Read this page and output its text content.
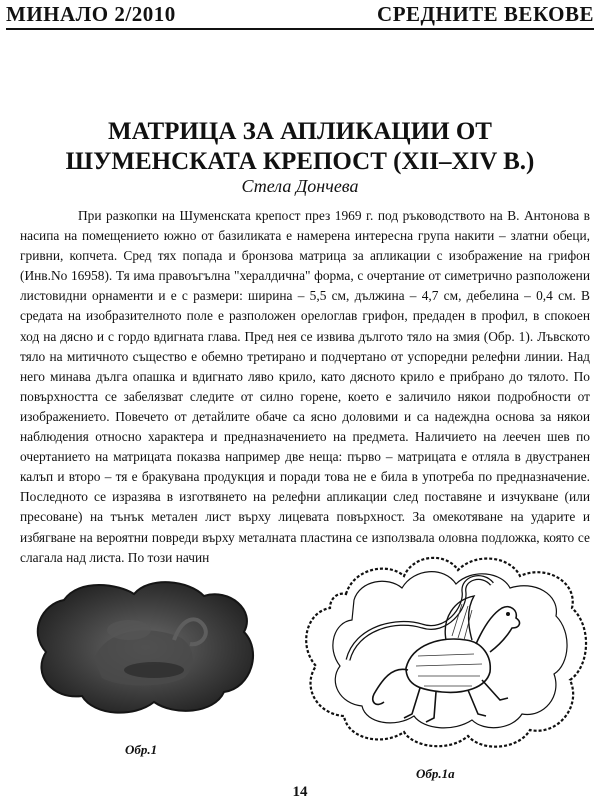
МИНАЛО 2/2010	СРЕДНИТЕ ВЕКОВЕ
МАТРИЦА ЗА АПЛИКАЦИИ ОТ ШУМЕНСКАТА КРЕПОСТ (XII–XIV В.)
Стела Дончева

При разкопки на Шуменската крепост през 1969 г. под ръководството на В. Антонова в насипа на помещението южно от базиликата е намерена интересна група накити – златни обеци, гривни, копчета. Сред тях попада и бронзова матрица за апликации с изображение на грифон (Инв.No 16958). Тя има правоъгълна "хералдична" форма, с очертание от симетрично разположени листовидни орнаменти и е с размери: ширина – 5,5 см, дължина – 4,7 см, дебелина – 0,4 см. В средата на изобразителното поле е разположен орелоглав грифон, предаден в профил, в спокоен ход на дясно и с гордо вдигната глава. Пред нея се извива дългото тяло на змия (Обр. 1). Лъвското тяло на митичното същество е обемно третирано и подчертано от успоредни релефни линии. Над него минава дълга опашка и вдигнато ляво крило, като дясното крило е прибрано до тялото. По повърхността се забелязват следите от силно горене, което е заличило някои подробности от изображението. Повечето от детайлите обаче са ясно доловими и са надеждна основа за някои наблюдения относно характера и предназначението на предмета. Наличието на леечен шев по очертанието на матрицата показва например две неща: първо – матрицата е отляла в двустранен калъп и второ – тя е бракувана продукция и поради това не е била в употреба по предназначение. Последното се изразява в изготвянето на релефни апликации след поставяне и изчукване (или пресоване) на тънък метален лист върху лицевата повърхност. За омекотяване на ударите и избягване на вероятни повреди върху металната пластина се използвала оловна подложка, която се слагала над листа. По този начин

Обр.1
Обр.1а
14
